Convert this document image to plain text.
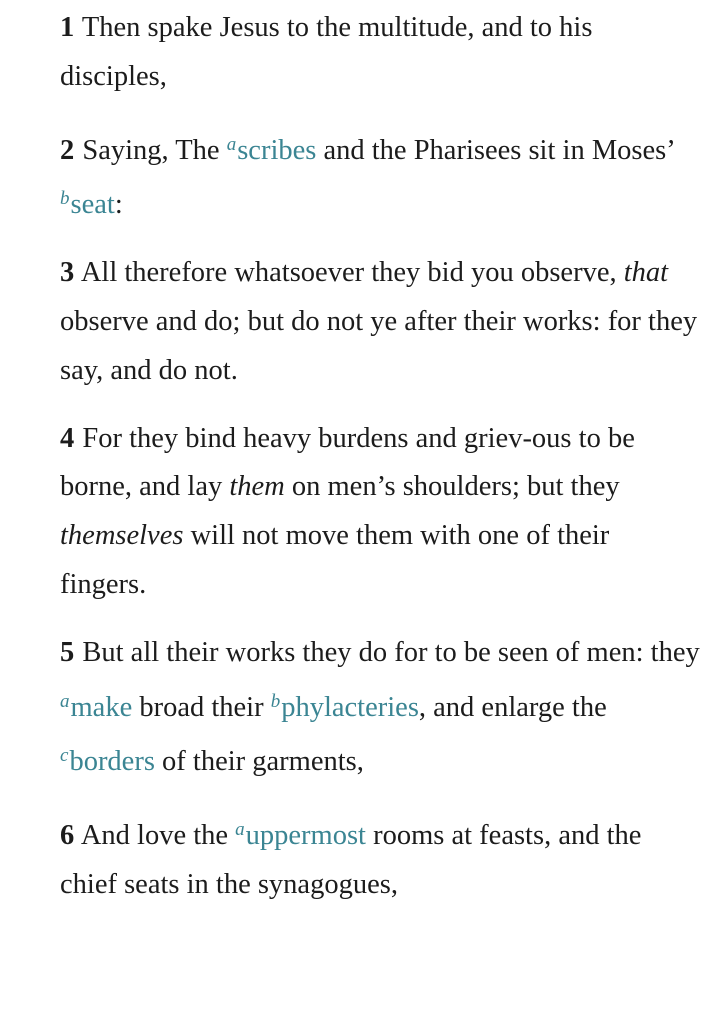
1 Then spake Jesus to the multitude, and to his disciples,

2 Saying, The $^a$scribes and the Pharisees sit in Moses’ $^b$seat:

3 All therefore whatsoever they bid you observe, that observe and do; but do not ye after their works: for they say, and do not.

4 For they bind heavy burdens and griev-ous to be borne, and lay them on men’s shoulders; but they themselves will not move them with one of their fingers.

5 But all their works they do for to be seen of men: they $^a$make broad their $^b$phylacteries, and enlarge the $^c$borders of their garments,

6 And love the $^a$uppermost rooms at feasts, and the chief seats in the synagogues,
